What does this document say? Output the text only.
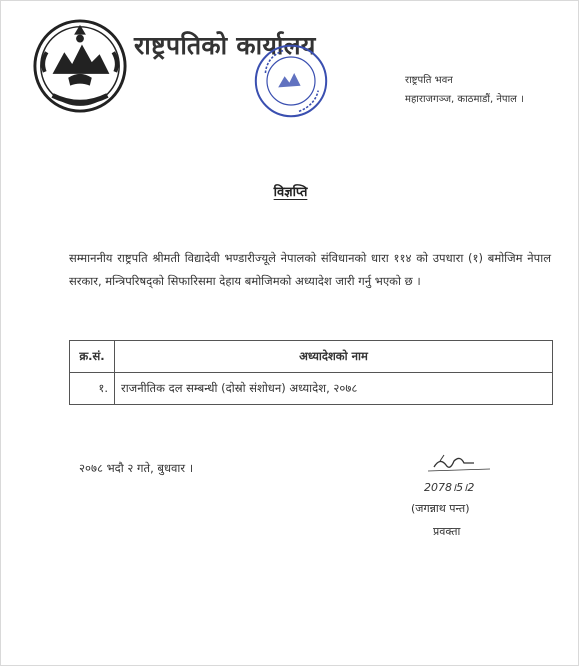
राष्ट्रपतिको कार्यालय
राष्ट्रपति भवन
महाराजगञ्ज, काठमाडौं, नेपाल ।
विज्ञप्ति
सम्माननीय राष्ट्रपति श्रीमती विद्यादेवी भण्डारीज्यूले नेपालको संविधानको धारा ११४ को उपधारा (१) बमोजिम नेपाल सरकार, मन्त्रिपरिषद्को सिफारिसमा देहाय बमोजिमको अध्यादेश जारी गर्नु भएको छ ।
क्र.सं.	अध्यादेशको नाम
१.	राजनीतिक दल सम्बन्धी (दोस्रो संशोधन) अध्यादेश, २०७८
२०७८ भदौ २ गते, बुधवार ।
2078।5।2
(जगन्नाथ पन्त)
प्रवक्ता
